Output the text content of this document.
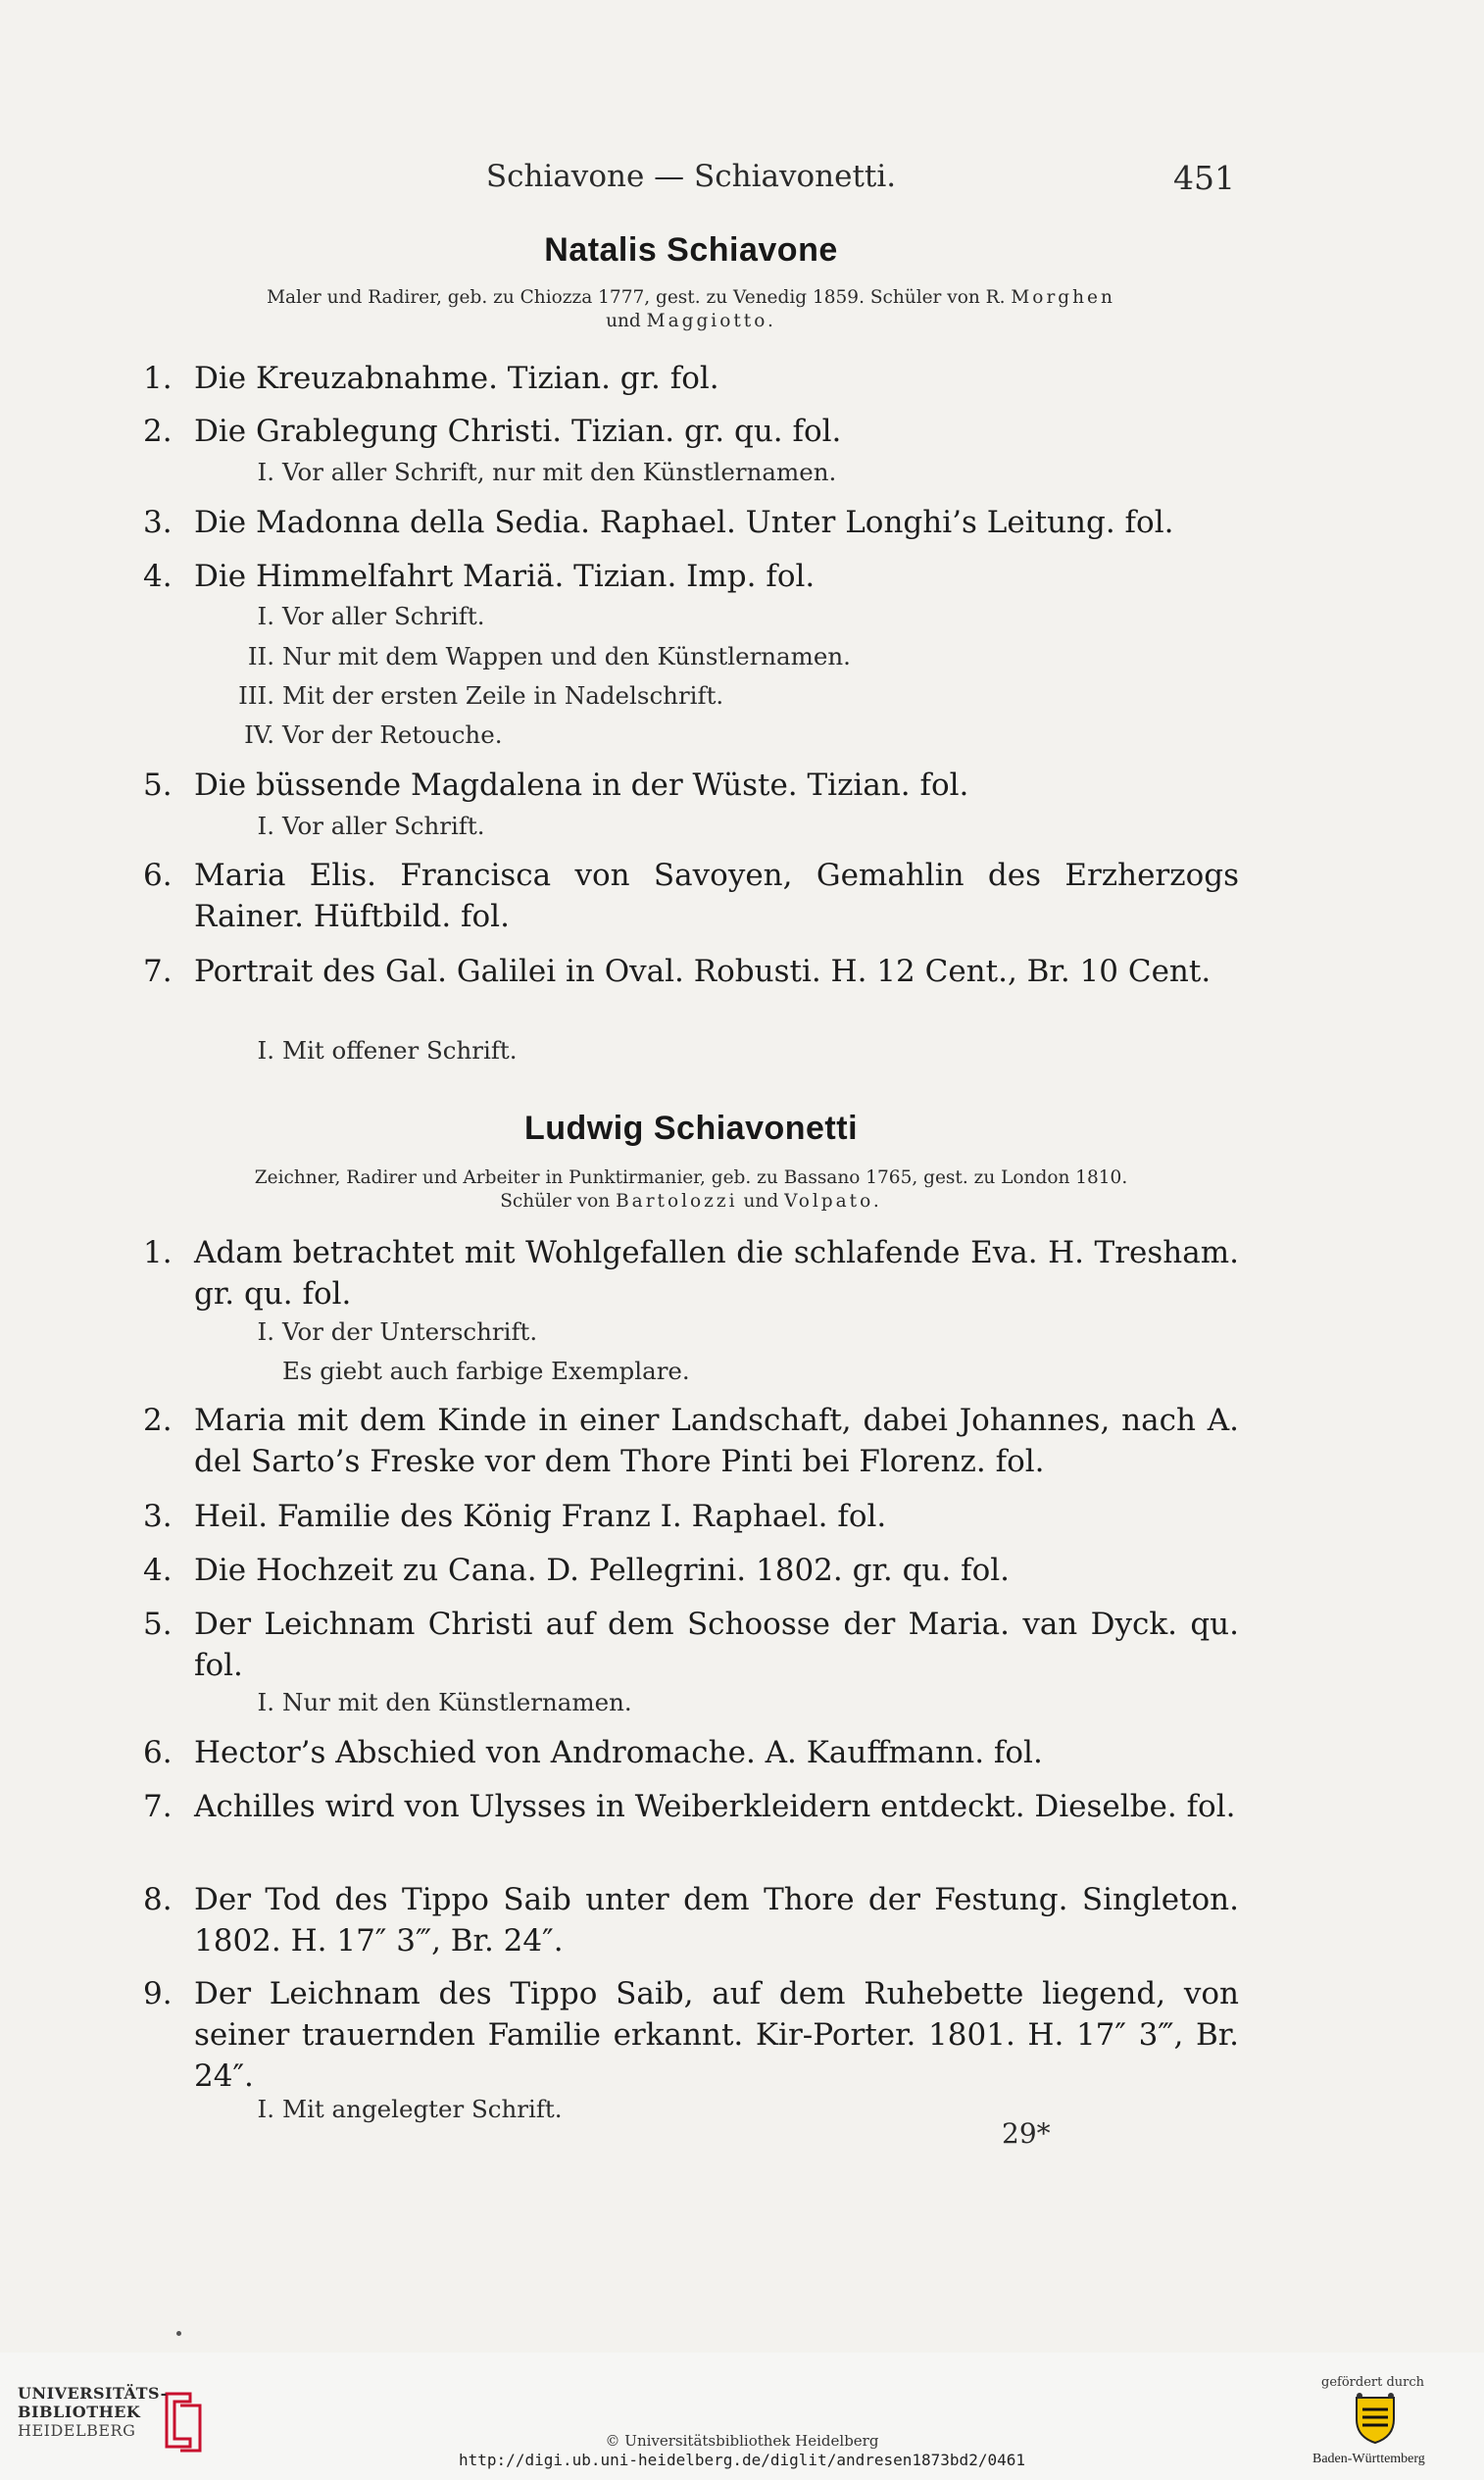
Schiavone — Schiavonetti.	451
Natalis Schiavone
Maler und Radirer, geb. zu Chiozza 1777, gest. zu Venedig 1859. Schüler von R. Morghen
und Maggiotto.
1. Die Kreuzabnahme. Tizian. gr. fol.
2. Die Grablegung Christi. Tizian. gr. qu. fol.
I. Vor aller Schrift, nur mit den Künstlernamen.
3. Die Madonna della Sedia. Raphael. Unter Longhi’s Leitung. fol.
4. Die Himmelfahrt Mariä. Tizian. Imp. fol.
I. Vor aller Schrift.
II. Nur mit dem Wappen und den Künstlernamen.
III. Mit der ersten Zeile in Nadelschrift.
IV. Vor der Retouche.
5. Die büssende Magdalena in der Wüste. Tizian. fol.
I. Vor aller Schrift.
6. Maria Elis. Francisca von Savoyen, Gemahlin des Erzherzogs Rainer. Hüftbild. fol.
7. Portrait des Gal. Galilei in Oval. Robusti. H. 12 Cent., Br. 10 Cent.
I. Mit offener Schrift.
Ludwig Schiavonetti
Zeichner, Radirer und Arbeiter in Punktirmanier, geb. zu Bassano 1765, gest. zu London 1810.
Schüler von Bartolozzi und Volpato.
1. Adam betrachtet mit Wohlgefallen die schlafende Eva. H. Tresham. gr. qu. fol.
I. Vor der Unterschrift.
Es giebt auch farbige Exemplare.
2. Maria mit dem Kinde in einer Landschaft, dabei Johannes, nach A. del Sarto’s Freske vor dem Thore Pinti bei Florenz. fol.
3. Heil. Familie des König Franz I. Raphael. fol.
4. Die Hochzeit zu Cana. D. Pellegrini. 1802. gr. qu. fol.
5. Der Leichnam Christi auf dem Schoosse der Maria. van Dyck. qu. fol.
I. Nur mit den Künstlernamen.
6. Hector’s Abschied von Andromache. A. Kauffmann. fol.
7. Achilles wird von Ulysses in Weiberkleidern entdeckt. Dieselbe. fol.
8. Der Tod des Tippo Saib unter dem Thore der Festung. Singleton. 1802. H. 17″ 3‴, Br. 24″.
9. Der Leichnam des Tippo Saib, auf dem Ruhebette liegend, von seiner trauernden Familie erkannt. Kir-Porter. 1801. H. 17″ 3‴, Br. 24″.
I. Mit angelegter Schrift.
29*
UNIVERSITÄTS-
BIBLIOTHEK
HEIDELBERG
© Universitätsbibliothek Heidelberg
http://digi.ub.uni-heidelberg.de/diglit/andresen1873bd2/0461
gefördert durch
Baden-Württemberg
